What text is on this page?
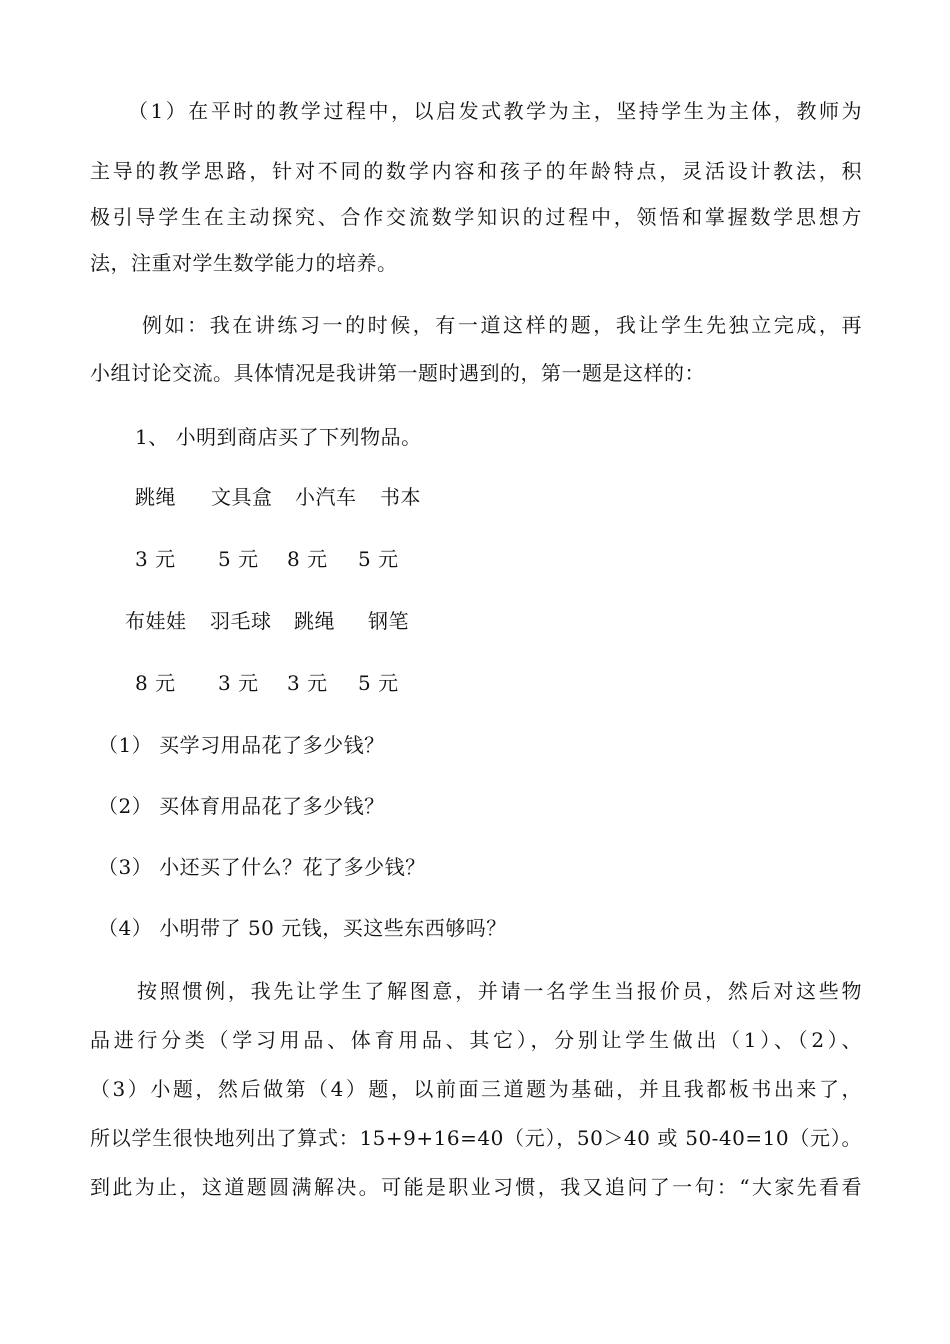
（1）在平时的教学过程中，以启发式教学为主，坚持学生为主体，教师为
主导的教学思路，针对不同的数学内容和孩子的年龄特点，灵活设计教法，积
极引导学生在主动探究、合作交流数学知识的过程中，领悟和掌握数学思想方
法，注重对学生数学能力的培养。
例如：我在讲练习一的时候，有一道这样的题，我让学生先独立完成，再
小组讨论交流。具体情况是我讲第一题时遇到的，第一题是这样的：
1、 小明到商店买了下列物品。
跳绳 文具盒 小汽车 书本
3 元 5 元 8 元 5 元
布娃娃 羽毛球 跳绳 钢笔
8 元 3 元 3 元 5 元
（1） 买学习用品花了多少钱？
（2） 买体育用品花了多少钱？
（3） 小还买了什么？花了多少钱？
（4） 小明带了 50 元钱，买这些东西够吗？
按照惯例，我先让学生了解图意，并请一名学生当报价员，然后对这些物
品进行分类（学习用品、体育用品、其它），分别让学生做出（1）、（2）、
（3）小题，然后做第（4）题，以前面三道题为基础，并且我都板书出来了，
所以学生很快地列出了算式：15+9+16=40（元），50＞40 或 50-40=10（元）。
到此为止，这道题圆满解决。可能是职业习惯，我又追问了一句：“大家先看看
